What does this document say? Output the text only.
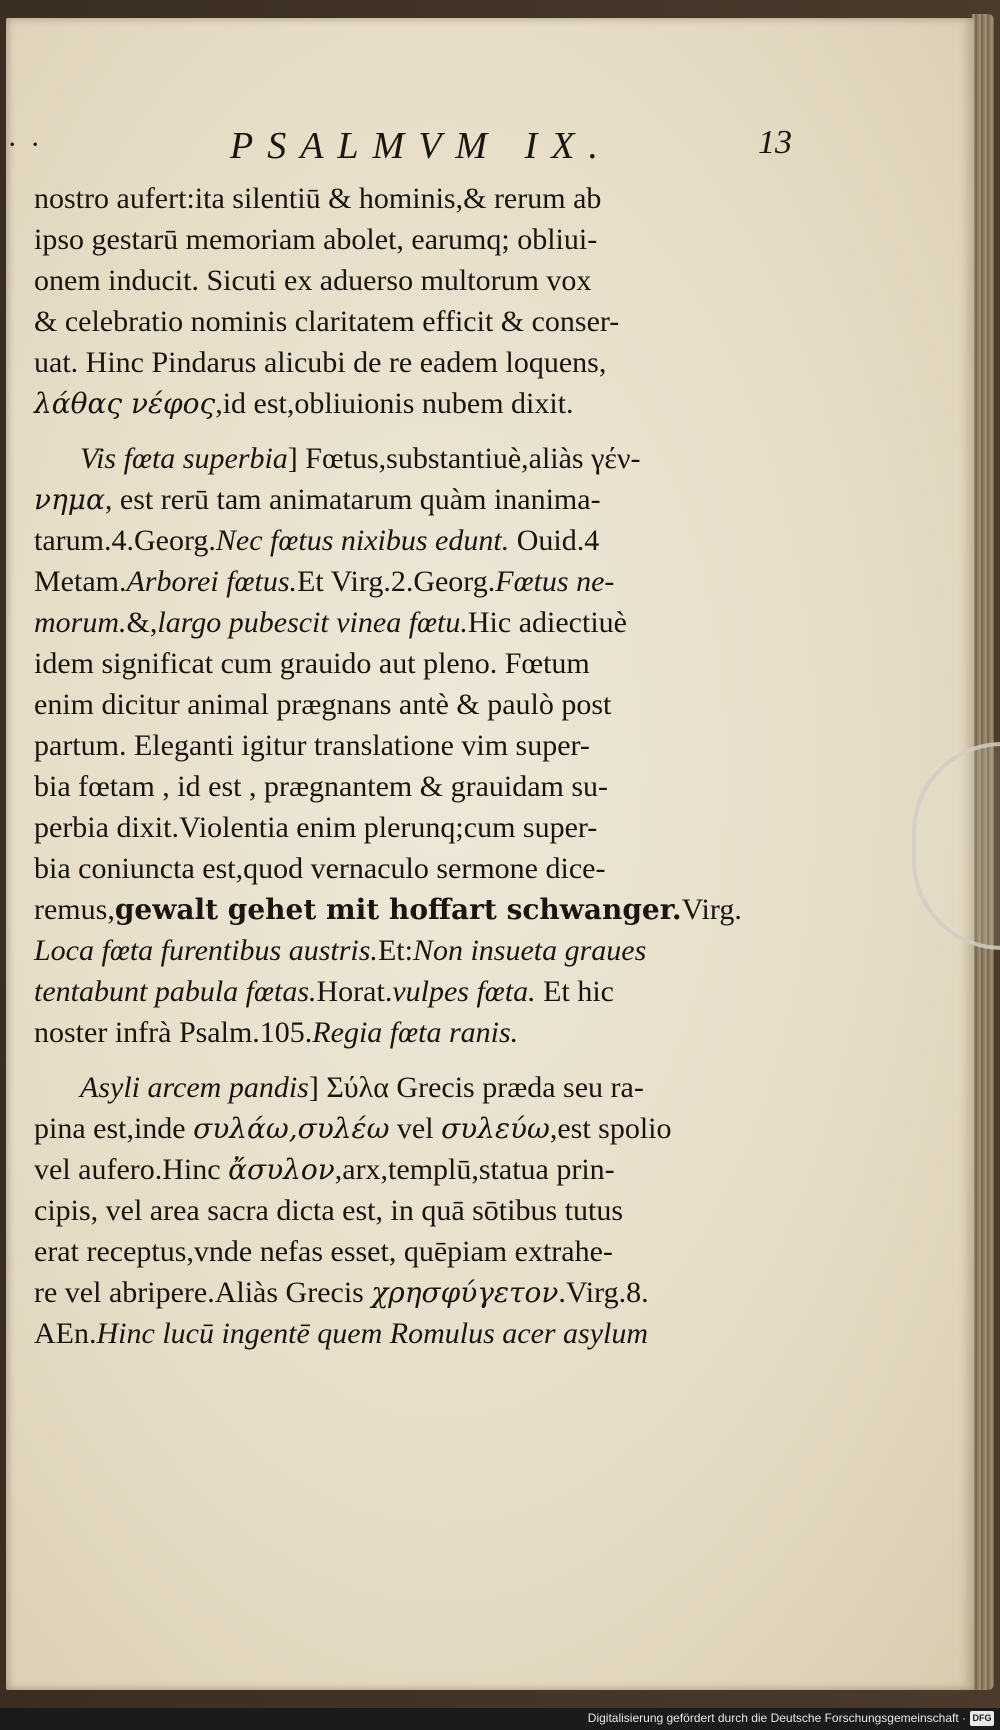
· ·	PSALMVM IX.	13
nostro aufert:ita silentiū & hominis,& rerum ab
ipso gestarū memoriam abolet, earumq; obliui-
onem inducit. Sicuti ex aduerso multorum vox
& celebratio nominis claritatem efficit & conser-
uat. Hinc Pindarus alicubi de re eadem loquens,
λάθας νέφος,id est,obliuionis nubem dixit.
Vis fœta superbia] Fœtus,substantiuè,aliàs γέν-
νημα, est rerū tam animatarum quàm inanima-
tarum.4.Georg.Nec fœtus nixibus edunt. Ouid.4
Metam.Arborei fœtus.Et Virg.2.Georg.Fœtus ne-
morum.&,largo pubescit vinea fœtu.Hic adiectiuè
idem significat cum grauido aut pleno. Fœtum
enim dicitur animal prægnans antè & paulò post
partum. Eleganti igitur translatione vim super-
bia fœtam , id est , prægnantem & grauidam su-
perbia dixit.Violentia enim plerunq;cum super-
bia coniuncta est,quod vernaculo sermone dice-
remus,gewalt gehet mit hoffart schwanger.Virg.
Loca fœta furentibus austris.Et:Non insueta graues
tentabunt pabula fœtas.Horat.vulpes fœta. Et hic
noster infrà Psalm.105.Regia fœta ranis.
Asyli arcem pandis] Σύλα Grecis præda seu ra-
pina est,inde συλάω,συλέω vel συλεύω,est spolio
vel aufero.Hinc ἄσυλον,arx,templū,statua prin-
cipis, vel area sacra dicta est, in quā sōtibus tutus
erat receptus,vnde nefas esset, quēpiam extrahe-
re vel abripere.Aliàs Grecis χρησφύγετον.Virg.8.
AEn.Hinc lucū ingentē quem Romulus acer asylum
Digitalisierung gefördert durch die Deutsche Forschungsgemeinschaft · DFG
